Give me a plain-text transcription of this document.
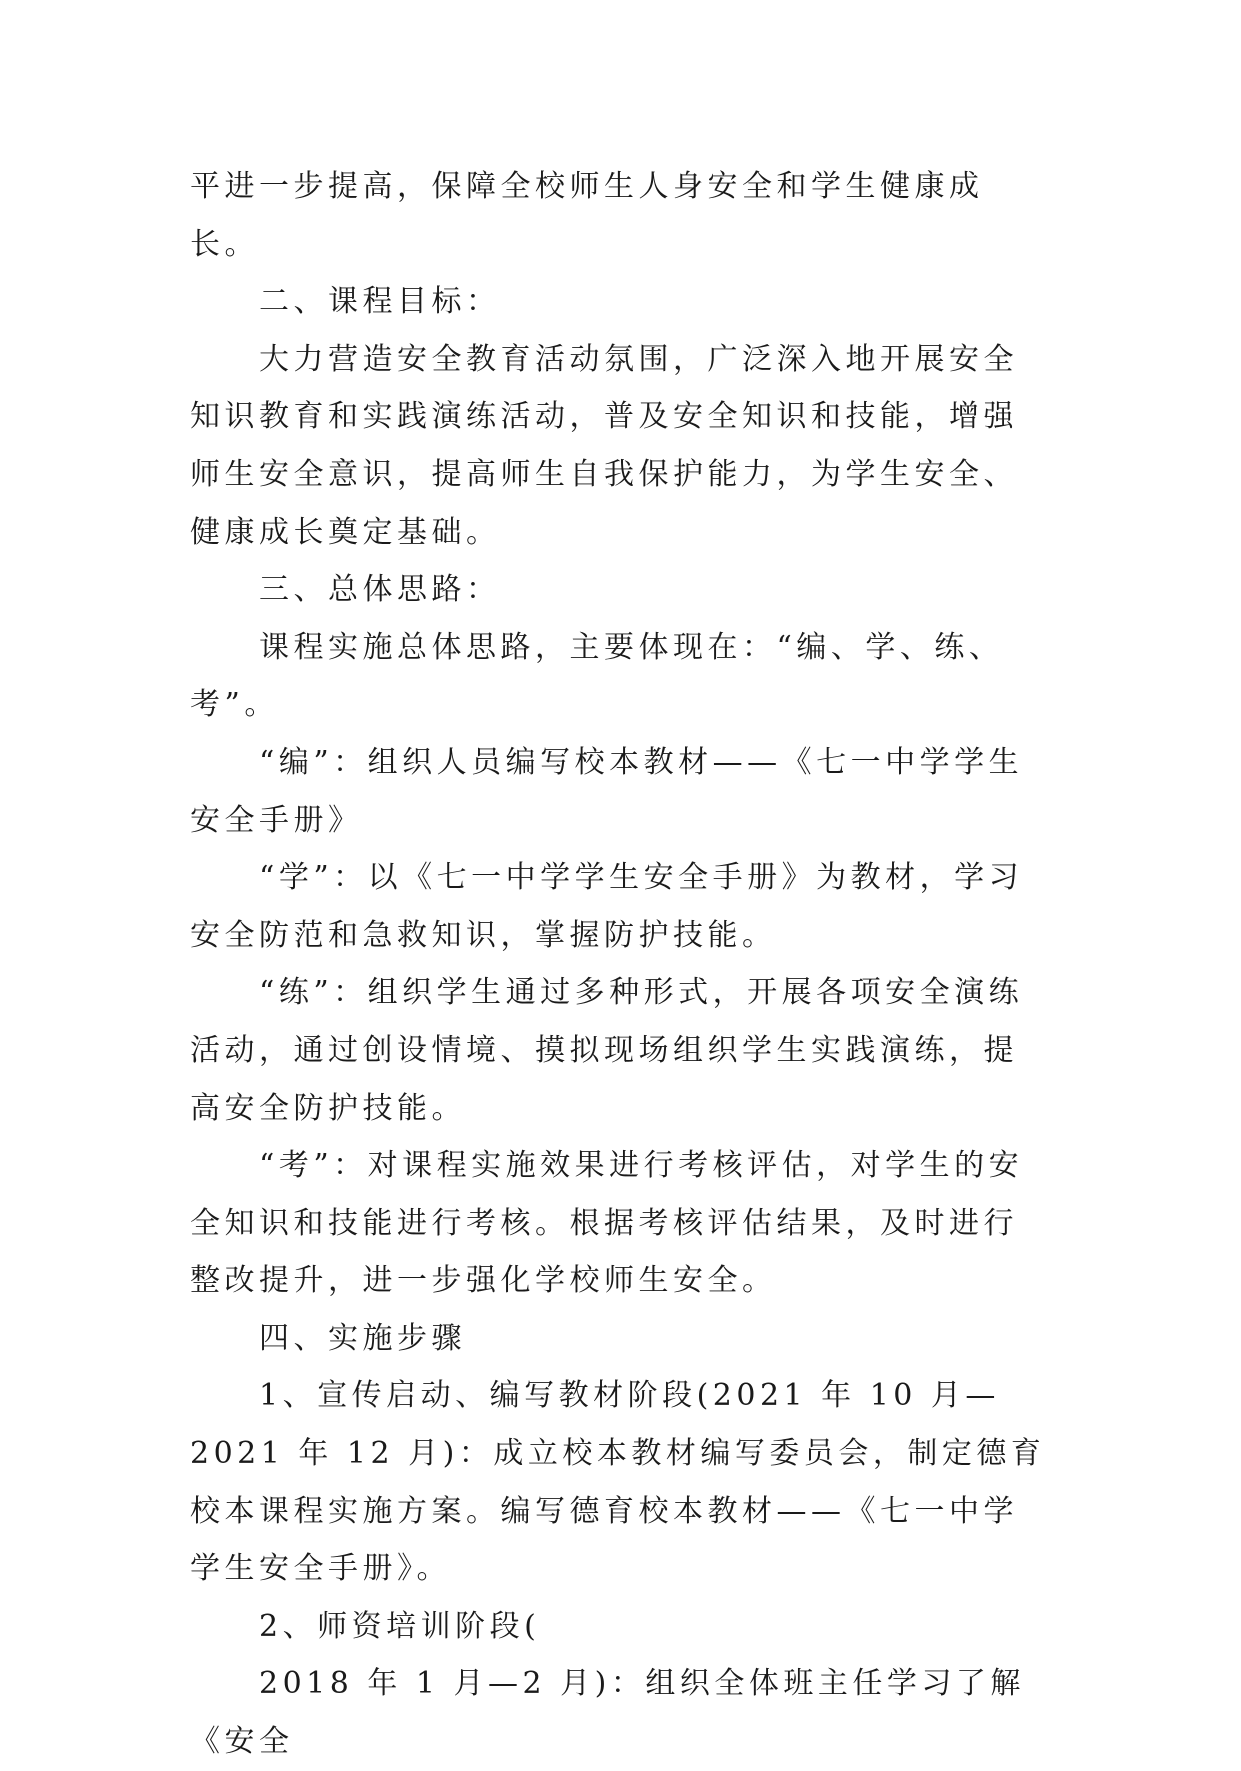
平进一步提高，保障全校师生人身安全和学生健康成长。

二、课程目标：

大力营造安全教育活动氛围，广泛深入地开展安全知识教育和实践演练活动，普及安全知识和技能，增强师生安全意识，提高师生自我保护能力，为学生安全、健康成长奠定基础。

三、总体思路：

课程实施总体思路，主要体现在：“编、学、练、考”。

“编”：组织人员编写校本教材——《七一中学学生安全手册》

“学”：以《七一中学学生安全手册》为教材，学习安全防范和急救知识，掌握防护技能。

“练”：组织学生通过多种形式，开展各项安全演练活动，通过创设情境、摸拟现场组织学生实践演练，提高安全防护技能。

“考”：对课程实施效果进行考核评估，对学生的安全知识和技能进行考核。根据考核评估结果，及时进行整改提升，进一步强化学校师生安全。

四、实施步骤

1、宣传启动、编写教材阶段(2021 年 10 月—2021 年 12 月)：成立校本教材编写委员会，制定德育校本课程实施方案。编写德育校本教材——《七一中学学生安全手册》。

2、师资培训阶段(

2018 年 1 月—2 月)：组织全体班主任学习了解《安全
